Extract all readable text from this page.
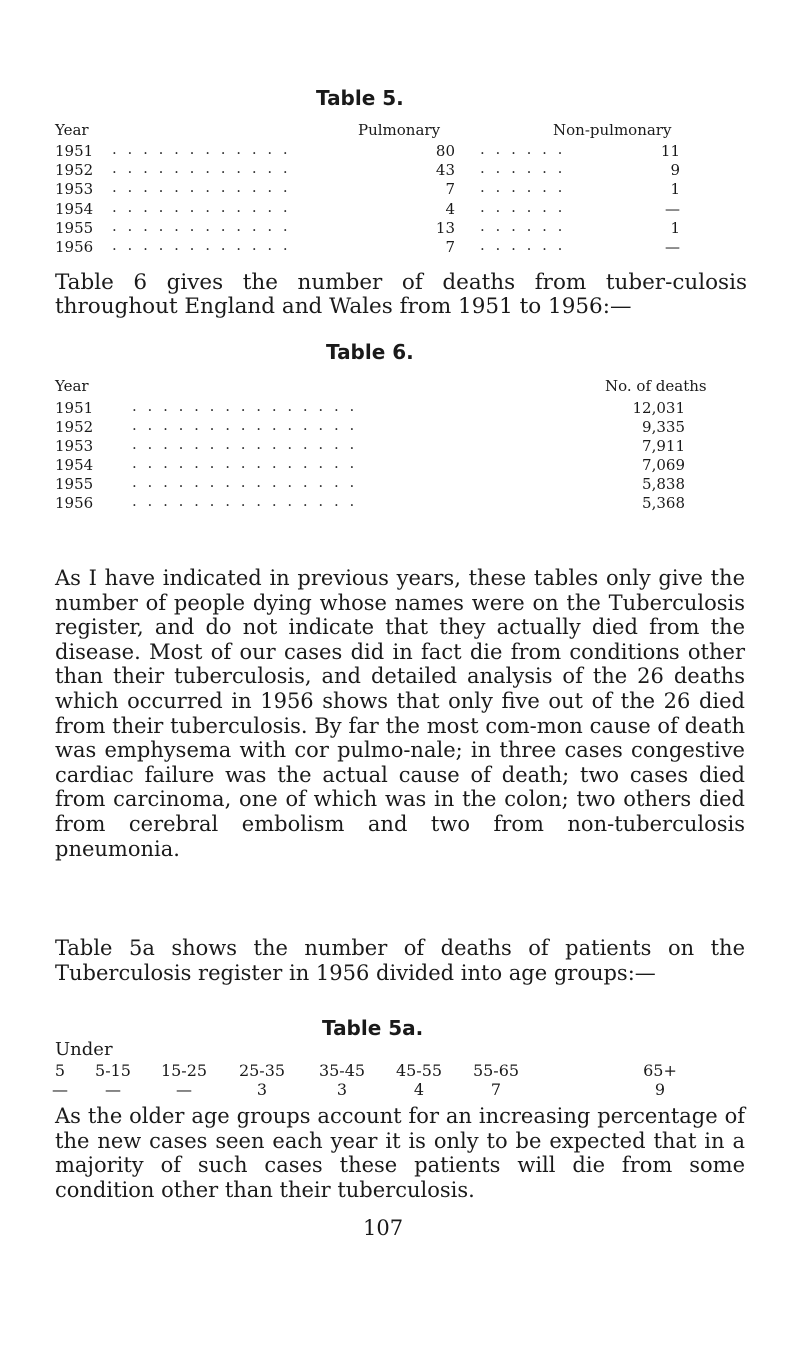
Table 5.
Year	Pulmonary	Non-pulmonary
1951 . . . . . . . . . . . .	80 . . . . . .	11
1952 . . . . . . . . . . . .	43 . . . . . .	9
1953 . . . . . . . . . . . .	7 . . . . . .	1
1954 . . . . . . . . . . . .	4 . . . . . .	—
1955 . . . . . . . . . . . .	13 . . . . . .	1
1956 . . . . . . . . . . . .	7 . . . . . .	—

Table 6 gives the number of deaths from tuber-culosis throughout England and Wales from 1951 to 1956:—

Table 6.
Year	No. of deaths
1951	. . . . . . . . . . . . . . .	12,031
1952	. . . . . . . . . . . . . . .	9,335
1953	. . . . . . . . . . . . . . .	7,911
1954	. . . . . . . . . . . . . . .	7,069
1955	. . . . . . . . . . . . . . .	5,838
1956	. . . . . . . . . . . . . . .	5,368

As I have indicated in previous years, these tables only give the number of people dying whose names were on the Tuberculosis register, and do not indicate that they actually died from the disease. Most of our cases did in fact die from conditions other than their tuberculosis, and detailed analysis of the 26 deaths which occurred in 1956 shows that only five out of the 26 died from their tuberculosis. By far the most com-mon cause of death was emphysema with cor pulmo-nale; in three cases congestive cardiac failure was the actual cause of death; two cases died from carcinoma, one of which was in the colon; two others died from cerebral embolism and two from non-tuberculosis pneumonia.

Table 5a shows the number of deaths of patients on the Tuberculosis register in 1956 divided into age groups:—

Table 5a.
Under
5	5-15	15-25	25-35	35-45	45-55	55-65	65+
—	—	—	3	3	4	7	9

As the older age groups account for an increasing percentage of the new cases seen each year it is only to be expected that in a majority of such cases these patients will die from some condition other than their tuberculosis.

107
